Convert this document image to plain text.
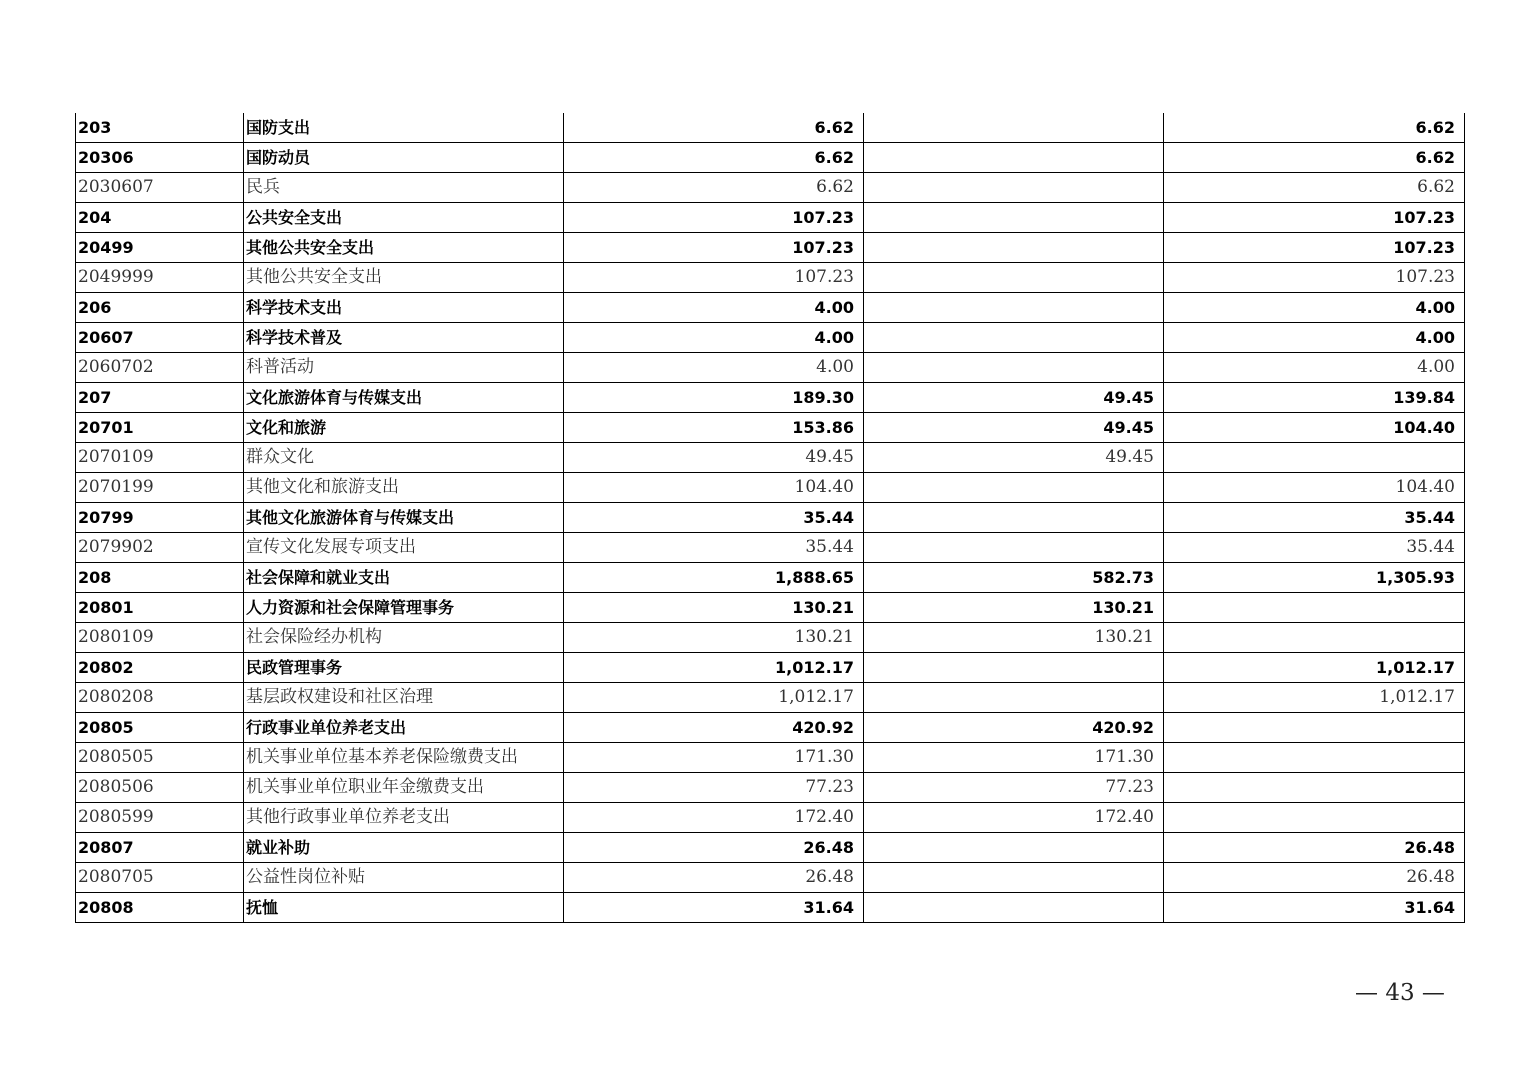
203	国防支出	6.62		6.62
20306	国防动员	6.62		6.62
2030607	民兵	6.62		6.62
204	公共安全支出	107.23		107.23
20499	其他公共安全支出	107.23		107.23
2049999	其他公共安全支出	107.23		107.23
206	科学技术支出	4.00		4.00
20607	科学技术普及	4.00		4.00
2060702	科普活动	4.00		4.00
207	文化旅游体育与传媒支出	189.30	49.45	139.84
20701	文化和旅游	153.86	49.45	104.40
2070109	群众文化	49.45	49.45	
2070199	其他文化和旅游支出	104.40		104.40
20799	其他文化旅游体育与传媒支出	35.44		35.44
2079902	宣传文化发展专项支出	35.44		35.44
208	社会保障和就业支出	1,888.65	582.73	1,305.93
20801	人力资源和社会保障管理事务	130.21	130.21	
2080109	社会保险经办机构	130.21	130.21	
20802	民政管理事务	1,012.17		1,012.17
2080208	基层政权建设和社区治理	1,012.17		1,012.17
20805	行政事业单位养老支出	420.92	420.92	
2080505	机关事业单位基本养老保险缴费支出	171.30	171.30	
2080506	机关事业单位职业年金缴费支出	77.23	77.23	
2080599	其他行政事业单位养老支出	172.40	172.40	
20807	就业补助	26.48		26.48
2080705	公益性岗位补贴	26.48		26.48
20808	抚恤	31.64		31.64
— 43 —
